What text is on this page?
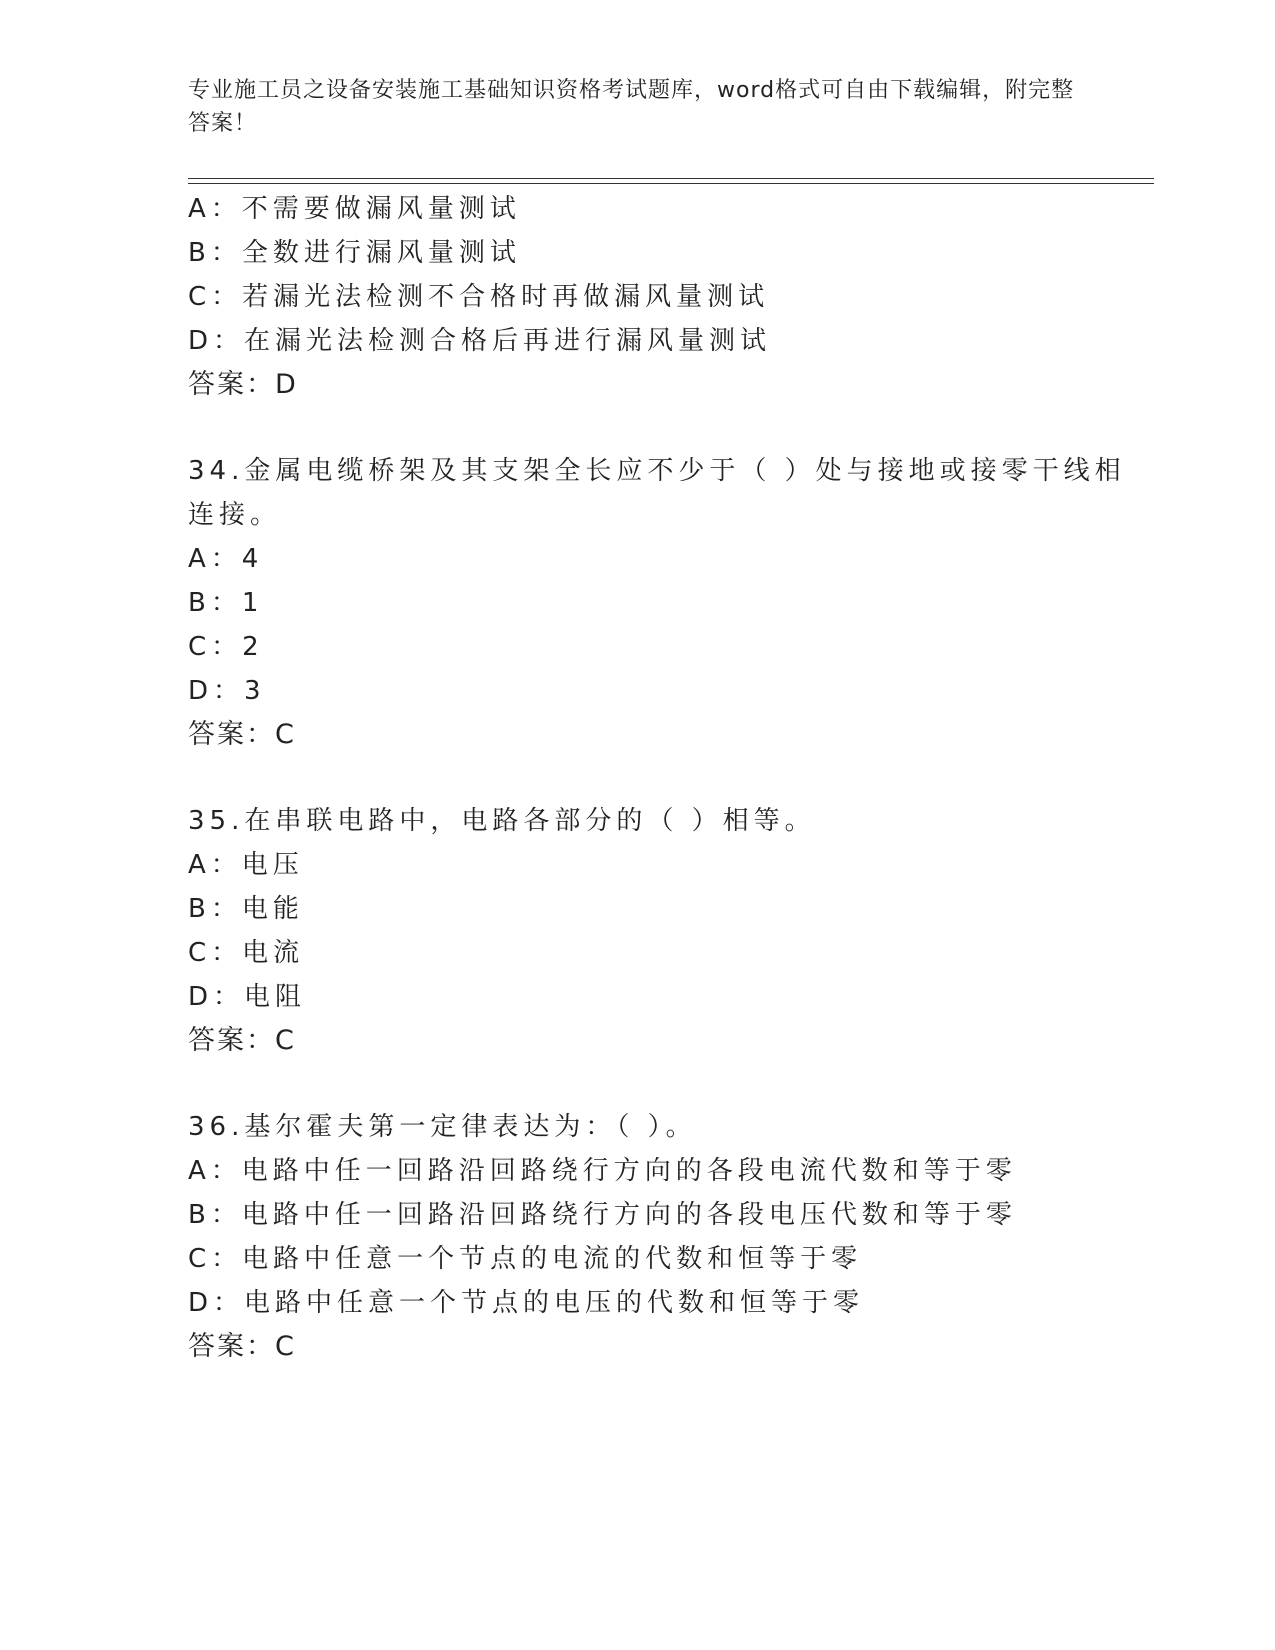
专业施工员之设备安装施工基础知识资格考试题库，word格式可自由下载编辑，附完整答案！
A：不需要做漏风量测试
B：全数进行漏风量测试
C：若漏光法检测不合格时再做漏风量测试
D：在漏光法检测合格后再进行漏风量测试
答案：D
34.金属电缆桥架及其支架全长应不少于（ ）处与接地或接零干线相
连接。
A：4
B：1
C：2
D：3
答案：C
35.在串联电路中，电路各部分的（ ）相等。
A：电压
B：电能
C：电流
D：电阻
答案：C
36.基尔霍夫第一定律表达为：（ ）。
A：电路中任一回路沿回路绕行方向的各段电流代数和等于零
B：电路中任一回路沿回路绕行方向的各段电压代数和等于零
C：电路中任意一个节点的电流的代数和恒等于零
D：电路中任意一个节点的电压的代数和恒等于零
答案：C
